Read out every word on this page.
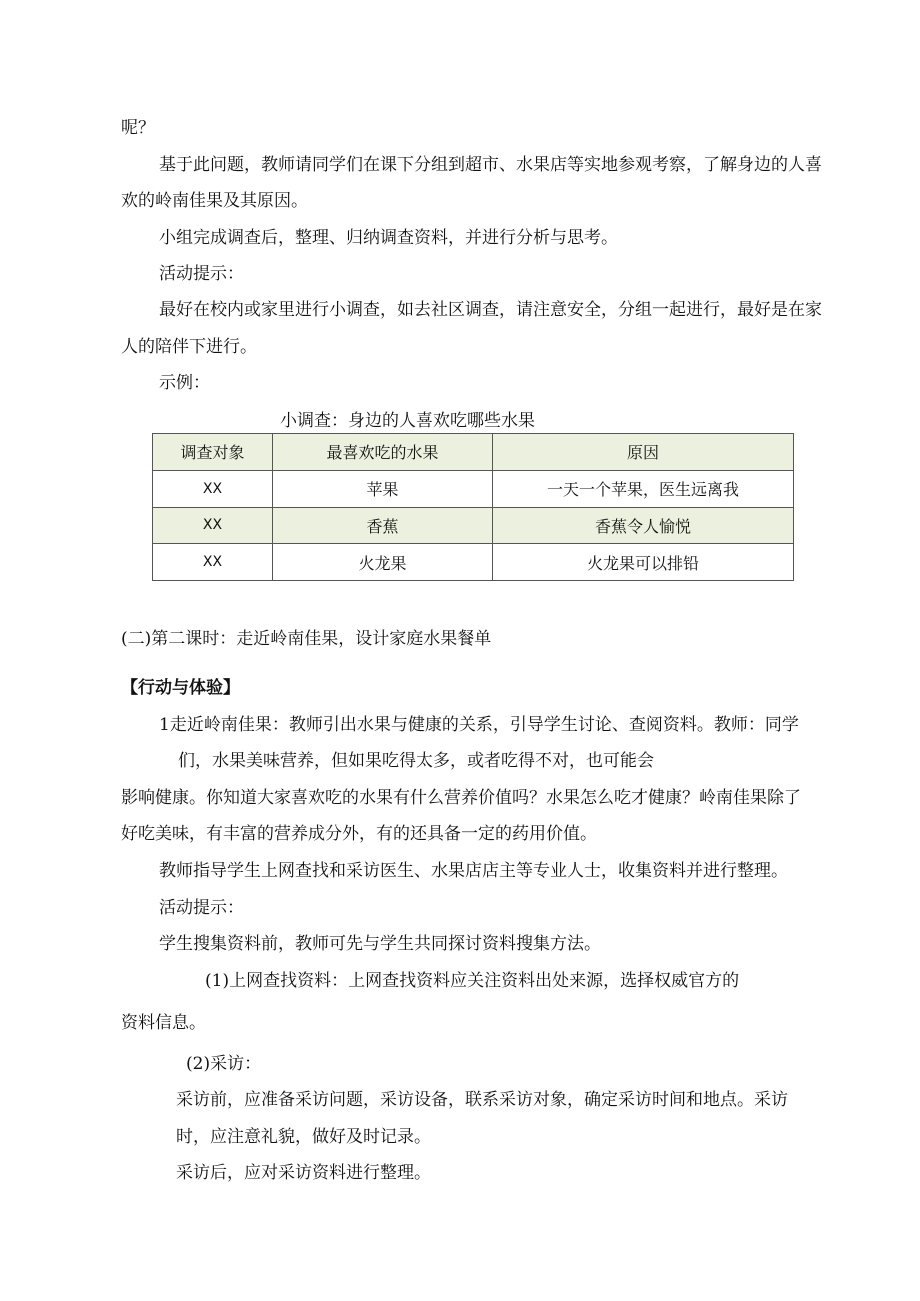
呢？
基于此问题，教师请同学们在课下分组到超市、水果店等实地参观考察，了解身边的人喜
欢的岭南佳果及其原因。
小组完成调查后，整理、归纳调查资料，并进行分析与思考。
活动提示：
最好在校内或家里进行小调查，如去社区调查，请注意安全，分组一起进行，最好是在家
人的陪伴下进行。
示例：
小调查：身边的人喜欢吃哪些水果
调查对象	最喜欢吃的水果	原因
XX	苹果	一天一个苹果，医生远离我
XX	香蕉	香蕉令人愉悦
XX	火龙果	火龙果可以排铅
(二)第二课时：走近岭南佳果，设计家庭水果餐单
【行动与体验】
1走近岭南佳果：教师引出水果与健康的关系，引导学生讨论、查阅资料。教师：同学
们，水果美味营养，但如果吃得太多，或者吃得不对，也可能会
影响健康。你知道大家喜欢吃的水果有什么营养价值吗？水果怎么吃才健康？岭南佳果除了
好吃美味，有丰富的营养成分外，有的还具备一定的药用价值。
教师指导学生上网查找和采访医生、水果店店主等专业人士，收集资料并进行整理。
活动提示：
学生搜集资料前，教师可先与学生共同探讨资料搜集方法。
(1)上网查找资料：上网查找资料应关注资料出处来源，选择权威官方的
资料信息。
(2)采访：
采访前，应准备采访问题，采访设备，联系采访对象，确定采访时间和地点。采访
时，应注意礼貌，做好及时记录。
采访后，应对采访资料进行整理。
